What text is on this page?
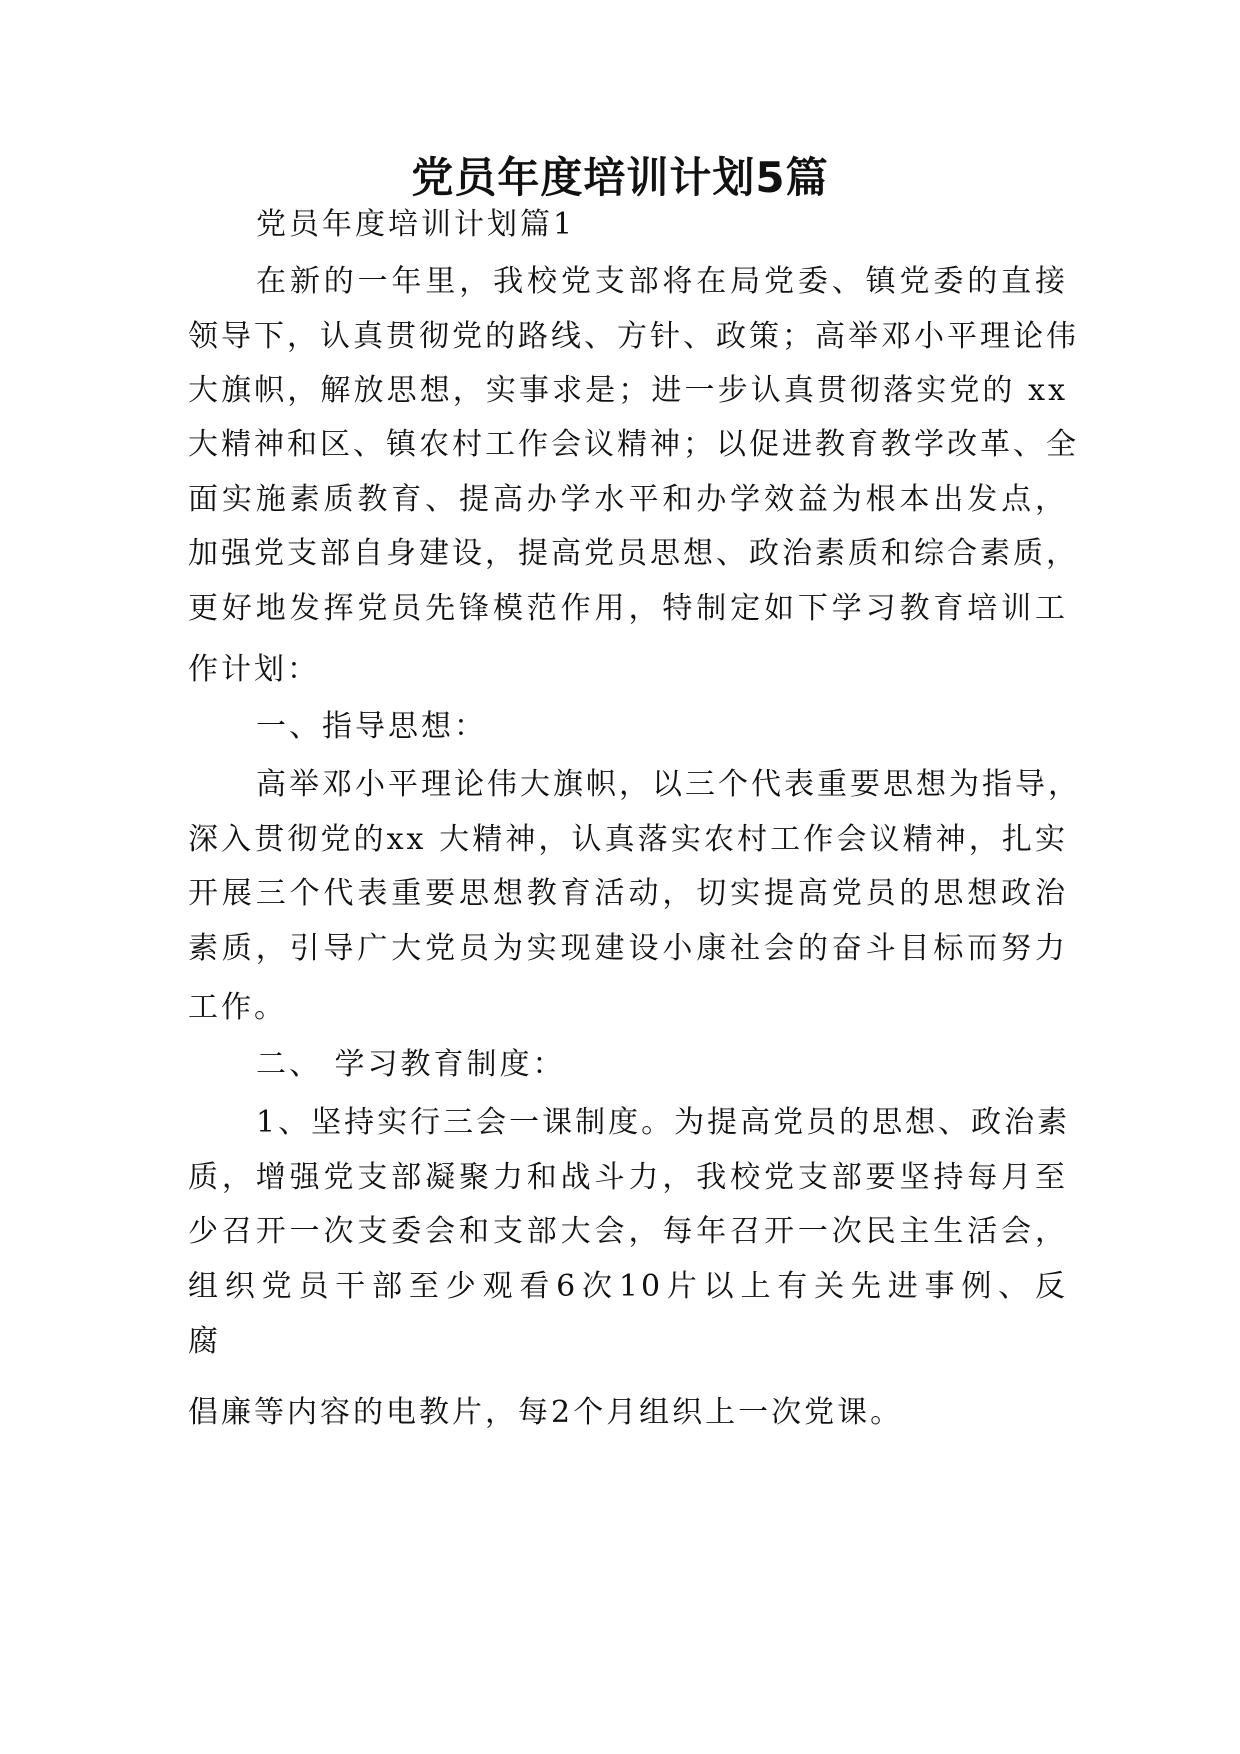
党员年度培训计划5篇
党员年度培训计划篇1
在新的一年里，我校党支部将在局党委、镇党委的直接
领导下，认真贯彻党的路线、方针、政策；高举邓小平理论伟
大旗帜，解放思想，实事求是；进一步认真贯彻落实党的 xx
大精神和区、镇农村工作会议精神；以促进教育教学改革、全
面实施素质教育、提高办学水平和办学效益为根本出发点，
加强党支部自身建设，提高党员思想、政治素质和综合素质，
更好地发挥党员先锋模范作用，特制定如下学习教育培训工
作计划：
一、指导思想：
高举邓小平理论伟大旗帜，以三个代表重要思想为指导，
深入贯彻党的xx 大精神，认真落实农村工作会议精神，扎实
开展三个代表重要思想教育活动，切实提高党员的思想政治
素质，引导广大党员为实现建设小康社会的奋斗目标而努力
工作。
二、 学习教育制度：
1、坚持实行三会一课制度。为提高党员的思想、政治素
质，增强党支部凝聚力和战斗力，我校党支部要坚持每月至
少召开一次支委会和支部大会，每年召开一次民主生活会，
组织党员干部至少观看6次10片以上有关先进事例、反
腐
倡廉等内容的电教片，每2个月组织上一次党课。
